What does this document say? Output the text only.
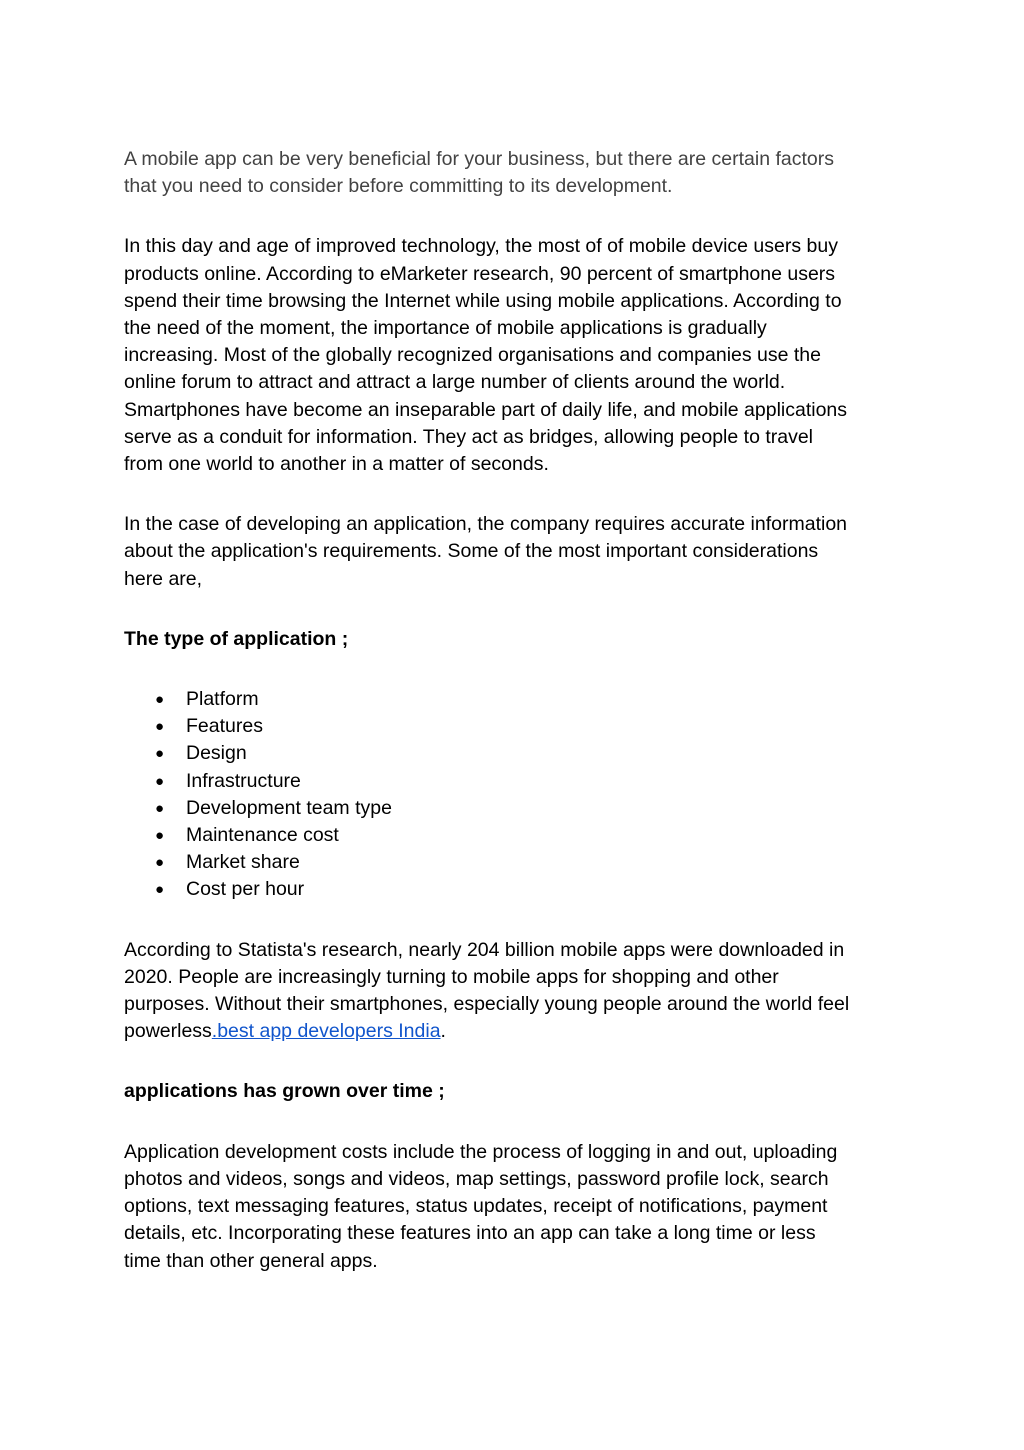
A mobile app can be very beneficial for your business, but there are certain factors
that you need to consider before committing to its development.

In this day and age of improved technology, the most of of mobile device users buy
products online. According to eMarketer research, 90 percent of smartphone users
spend their time browsing the Internet while using mobile applications. According to
the need of the moment, the importance of mobile applications is gradually
increasing. Most of the globally recognized organisations and companies use the
online forum to attract and attract a large number of clients around the world.
Smartphones have become an inseparable part of daily life, and mobile applications
serve as a conduit for information. They act as bridges, allowing people to travel
from one world to another in a matter of seconds.

In the case of developing an application, the company requires accurate information
about the application's requirements. Some of the most important considerations
here are,

The type of application ;

● Platform
● Features
● Design
● Infrastructure
● Development team type
● Maintenance cost
● Market share
● Cost per hour

According to Statista's research, nearly 204 billion mobile apps were downloaded in
2020. People are increasingly turning to mobile apps for shopping and other
purposes. Without their smartphones, especially young people around the world feel
powerless.best app developers India.

applications has grown over time ;

Application development costs include the process of logging in and out, uploading
photos and videos, songs and videos, map settings, password profile lock, search
options, text messaging features, status updates, receipt of notifications, payment
details, etc. Incorporating these features into an app can take a long time or less
time than other general apps.
